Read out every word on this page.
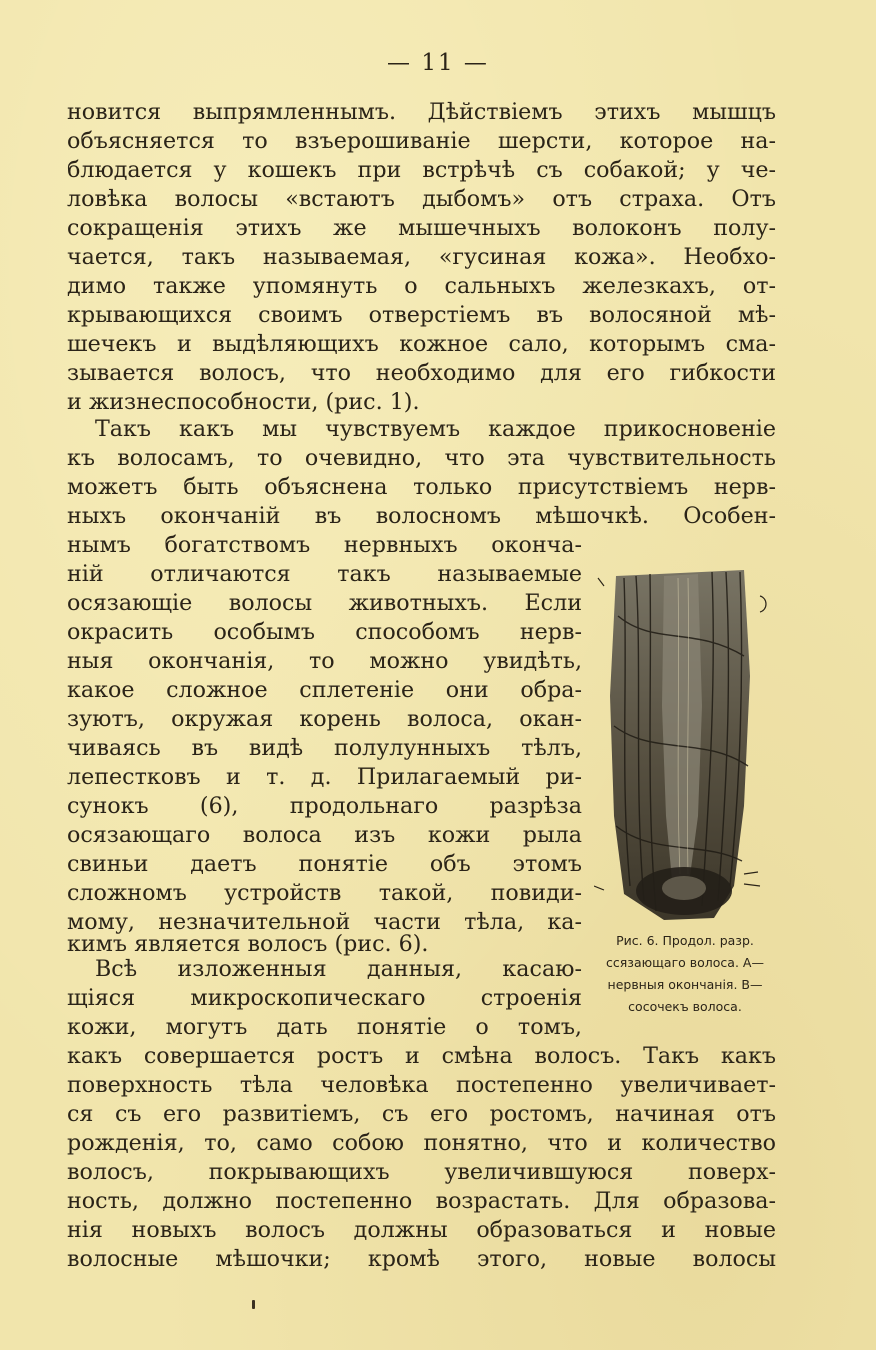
— 11 —
новится выпрямленнымъ. Дѣйствіемъ этихъ мышцъ
объясняется то взъерошиваніе шерсти, которое на-
блюдается у кошекъ при встрѣчѣ съ собакой; у че-
ловѣка волосы «встаютъ дыбомъ» отъ страха. Отъ
сокращенія этихъ же мышечныхъ волоконъ полу-
чается, такъ называемая, «гусиная кожа». Необхо-
димо также упомянуть о сальныхъ железкахъ, от-
крывающихся своимъ отверстіемъ въ волосяной мѣ-
шечекъ и выдѣляющихъ кожное сало, которымъ сма-
зывается волосъ, что необходимо для его гибкости
и жизнеспособности, (рис. 1).
Такъ какъ мы чувствуемъ каждое прикосновеніе
къ волосамъ, то очевидно, что эта чувствительность
можетъ быть объяснена только присутствіемъ нерв-
ныхъ окончаній въ волосномъ мѣшочкѣ. Особен-
нымъ богатствомъ нервныхъ оконча-
ній отличаются такъ называемые
осязающіе волосы животныхъ. Если
окрасить особымъ способомъ нерв-
ныя окончанія, то можно увидѣть,
какое сложное сплетеніе они обра-
зуютъ, окружая корень волоса, окан-
чиваясь въ видѣ полулунныхъ тѣлъ,
лепестковъ и т. д. Прилагаемый ри-
сунокъ (6), продольнаго разрѣза
осязающаго волоса изъ кожи рыла
свиньи даетъ понятіе объ этомъ
сложномъ устройств такой, повиди-
мому, незначительной части тѣла, ка-
кимъ является волосъ (рис. 6).
Всѣ изложенныя данныя, касаю-
щіяся микроскопическаго строенія
кожи, могутъ дать понятіе о томъ,
какъ совершается ростъ и смѣна волосъ. Такъ какъ
поверхность тѣла человѣка постепенно увеличивает-
ся съ его развитіемъ, съ его ростомъ, начиная отъ
рожденія, то, само собою понятно, что и количество
волосъ, покрывающихъ увеличившуюся поверх-
ность, должно постепенно возрастать. Для образова-
нія новыхъ волосъ должны образоваться и новые
волосные мѣшочки; кромѣ этого, новые волосы
Рис. 6. Продол. разр.
ссязающаго волоса. А—
нервныя окончанія. В—
сосочекъ волоса.
